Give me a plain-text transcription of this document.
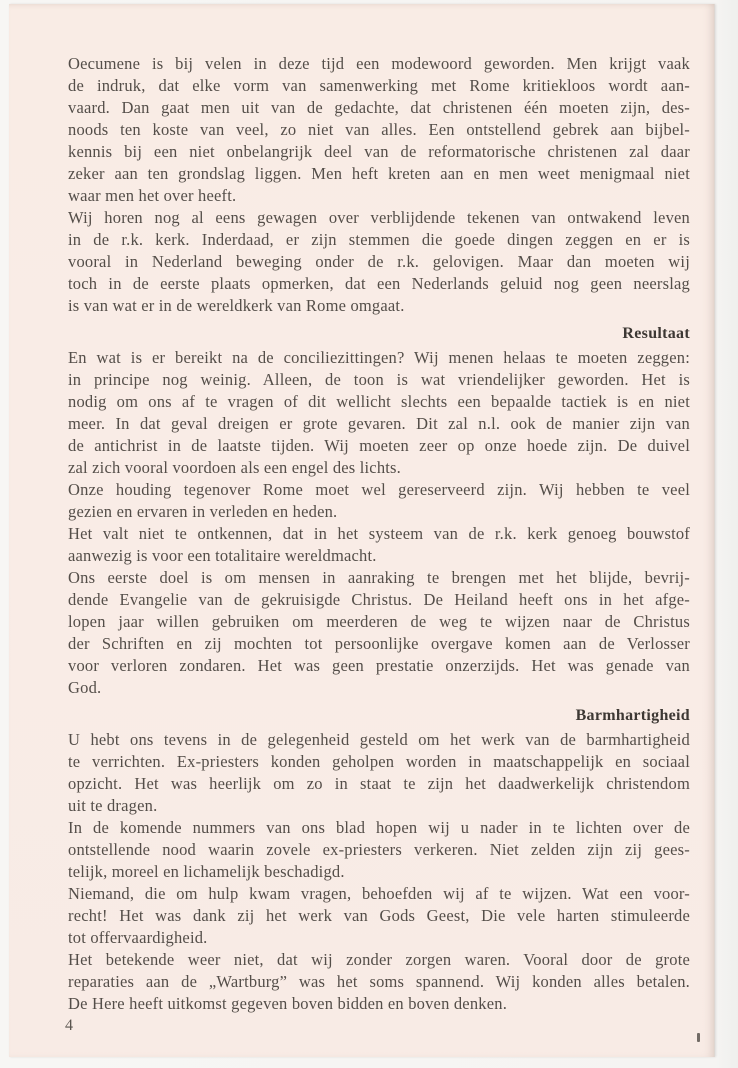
Oecumene is bij velen in deze tijd een modewoord geworden. Men krijgt vaak
de indruk, dat elke vorm van samenwerking met Rome kritiekloos wordt aan-
vaard. Dan gaat men uit van de gedachte, dat christenen één moeten zijn, des-
noods ten koste van veel, zo niet van alles. Een ontstellend gebrek aan bijbel-
kennis bij een niet onbelangrijk deel van de reformatorische christenen zal daar
zeker aan ten grondslag liggen. Men heft kreten aan en men weet menigmaal niet
waar men het over heeft.
Wij horen nog al eens gewagen over verblijdende tekenen van ontwakend leven
in de r.k. kerk. Inderdaad, er zijn stemmen die goede dingen zeggen en er is
vooral in Nederland beweging onder de r.k. gelovigen. Maar dan moeten wij
toch in de eerste plaats opmerken, dat een Nederlands geluid nog geen neerslag
is van wat er in de wereldkerk van Rome omgaat.
Resultaat
En wat is er bereikt na de conciliezittingen? Wij menen helaas te moeten zeggen:
in principe nog weinig. Alleen, de toon is wat vriendelijker geworden. Het is
nodig om ons af te vragen of dit wellicht slechts een bepaalde tactiek is en niet
meer. In dat geval dreigen er grote gevaren. Dit zal n.l. ook de manier zijn van
de antichrist in de laatste tijden. Wij moeten zeer op onze hoede zijn. De duivel
zal zich vooral voordoen als een engel des lichts.
Onze houding tegenover Rome moet wel gereserveerd zijn. Wij hebben te veel
gezien en ervaren in verleden en heden.
Het valt niet te ontkennen, dat in het systeem van de r.k. kerk genoeg bouwstof
aanwezig is voor een totalitaire wereldmacht.
Ons eerste doel is om mensen in aanraking te brengen met het blijde, bevrij-
dende Evangelie van de gekruisigde Christus. De Heiland heeft ons in het afge-
lopen jaar willen gebruiken om meerderen de weg te wijzen naar de Christus
der Schriften en zij mochten tot persoonlijke overgave komen aan de Verlosser
voor verloren zondaren. Het was geen prestatie onzerzijds. Het was genade van
God.
Barmhartigheid
U hebt ons tevens in de gelegenheid gesteld om het werk van de barmhartigheid
te verrichten. Ex-priesters konden geholpen worden in maatschappelijk en sociaal
opzicht. Het was heerlijk om zo in staat te zijn het daadwerkelijk christendom
uit te dragen.
In de komende nummers van ons blad hopen wij u nader in te lichten over de
ontstellende nood waarin zovele ex-priesters verkeren. Niet zelden zijn zij gees-
telijk, moreel en lichamelijk beschadigd.
Niemand, die om hulp kwam vragen, behoefden wij af te wijzen. Wat een voor-
recht! Het was dank zij het werk van Gods Geest, Die vele harten stimuleerde
tot offervaardigheid.
Het betekende weer niet, dat wij zonder zorgen waren. Vooral door de grote
reparaties aan de „Wartburg” was het soms spannend. Wij konden alles betalen.
De Here heeft uitkomst gegeven boven bidden en boven denken.
4
